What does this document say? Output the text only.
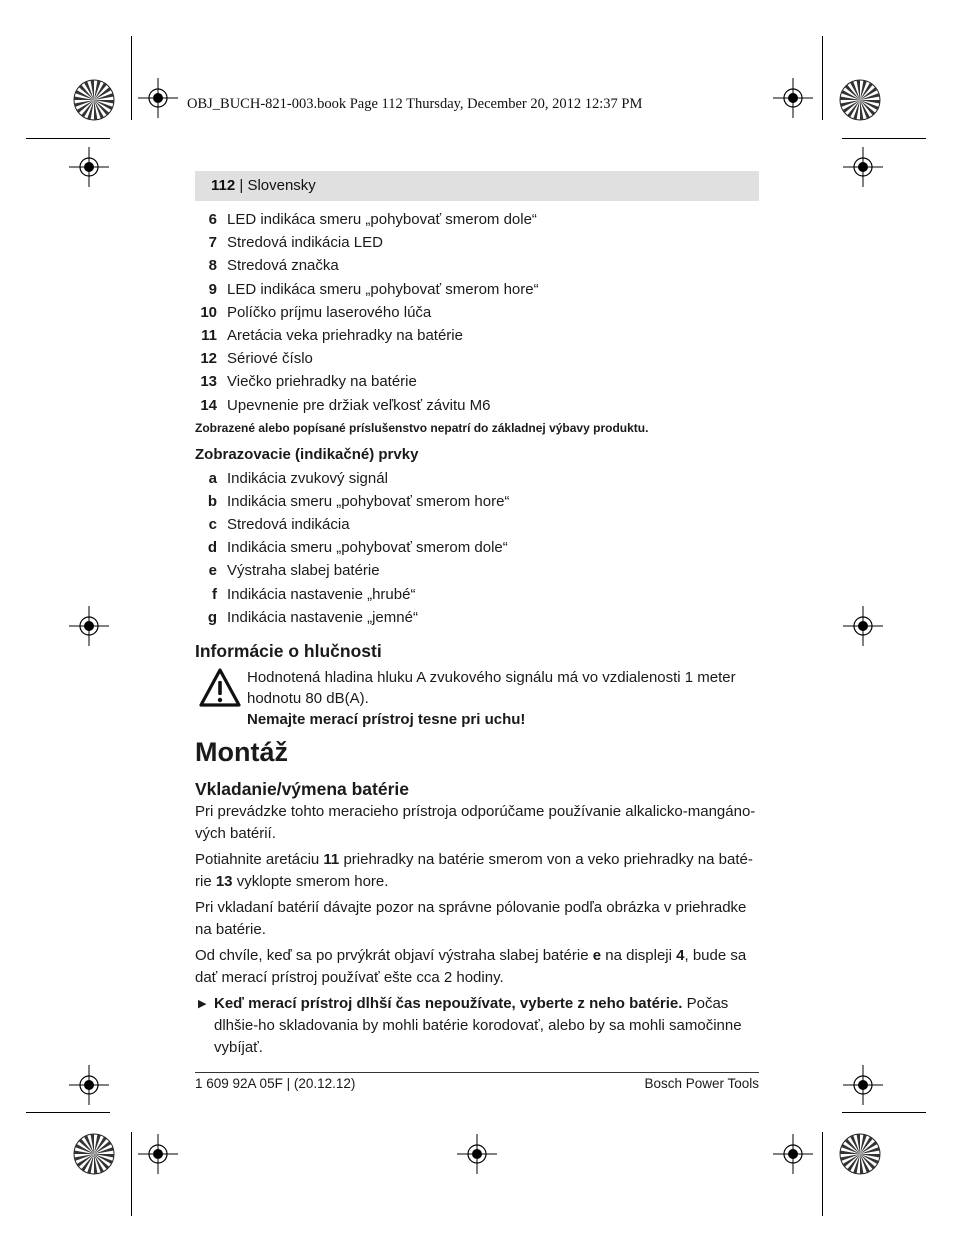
OBJ_BUCH-821-003.book Page 112 Thursday, December 20, 2012 12:37 PM
112 | Slovensky
6 LED indikáca smeru „pohybovať smerom dole“
7 Stredová indikácia LED
8 Stredová značka
9 LED indikáca smeru „pohybovať smerom hore“
10 Políčko príjmu laserového lúča
11 Aretácia veka priehradky na batérie
12 Sériové číslo
13 Viečko priehradky na batérie
14 Upevnenie pre držiak veľkosť závitu M6
Zobrazené alebo popísané príslušenstvo nepatrí do základnej výbavy produktu.
Zobrazovacie (indikačné) prvky
a Indikácia zvukový signál
b Indikácia smeru „pohybovať smerom hore“
c Stredová indikácia
d Indikácia smeru „pohybovať smerom dole“
e Výstraha slabej batérie
f Indikácia nastavenie „hrubé“
g Indikácia nastavenie „jemné“
Informácie o hlučnosti
Hodnotená hladina hluku A zvukového signálu má vo vzdialenosti 1 meter
hodnotu 80 dB(A).
Nemajte merací prístroj tesne pri uchu!
Montáž
Vkladanie/výmena batérie

Pri prevádzke tohto meracieho prístroja odporúčame používanie alkalicko-mangáno-vých batérií.

Potiahnite aretáciu 11 priehradky na batérie smerom von a veko priehradky na baté-rie 13 vyklopte smerom hore.

Pri vkladaní batérií dávajte pozor na správne pólovanie podľa obrázka v priehradke na batérie.

Od chvíle, keď sa po prvýkrát objaví výstraha slabej batérie e na displeji 4, bude sa dať merací prístroj používať ešte cca 2 hodiny.

▶ Keď merací prístroj dlhší čas nepoužívate, vyberte z neho batérie. Počas dlhšie-ho skladovania by mohli batérie korodovať, alebo by sa mohli samočinne vybíjať.
1 609 92A 05F | (20.12.12)	Bosch Power Tools
